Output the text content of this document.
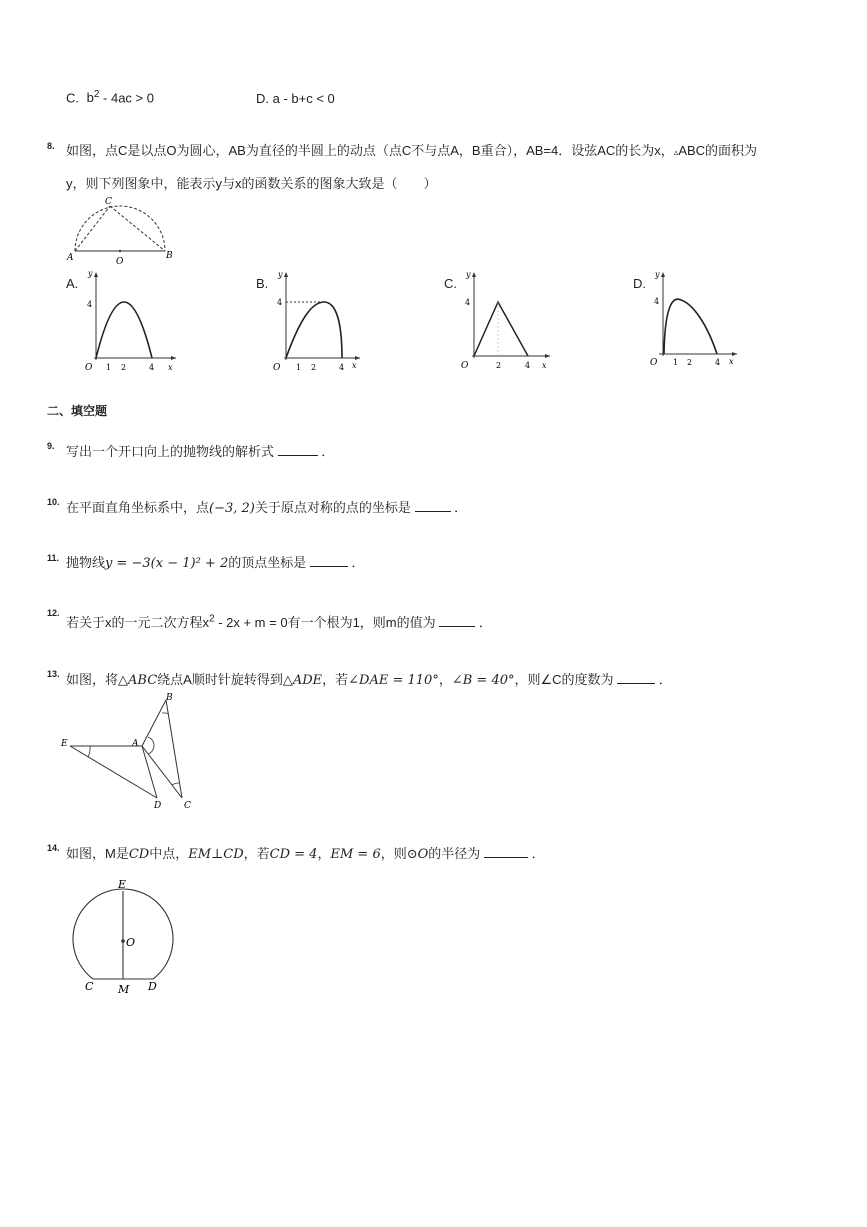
C. $b^2 - 4ac > 0$	D. a - b+c < 0
8. 如图，点C是以点O为圆心，AB为直径的半圆上的动点（点C不与点A，B重合），AB=4．设弦AC的长为x，▵ABC的面积为
y，则下列图象中，能表示y与x的函数关系的图象大致是（　　）
A	B
C
O
A.
y
x
O 1 2	4
4
B.
y
x
O 1 2	4
4
C.
y
x
O	2	4
4
D.
y
x
O 1 2	4
4
二、填空题
9. 写出一个开口向上的抛物线的解析式	．
10. 在平面直角坐标系中，点(−3, 2)关于原点对称的点的坐标是	．
11. 抛物线y = −3(x − 1)² + 2的顶点坐标是	．
12.
若关于x的一元二次方程$x^2 - 2x + m = 0$有一个根为1，则m的值为	．
13. 如图，将△ABC绕点A顺时针旋转得到△ADE，若∠DAE = 110°，∠B = 40°，则∠C的度数为	．
E	A
B
D	C
14. 如图，M是CD中点，EM⊥CD，若CD = 4，EM = 6，则⊙O的半径为	．
E
O
C M D
